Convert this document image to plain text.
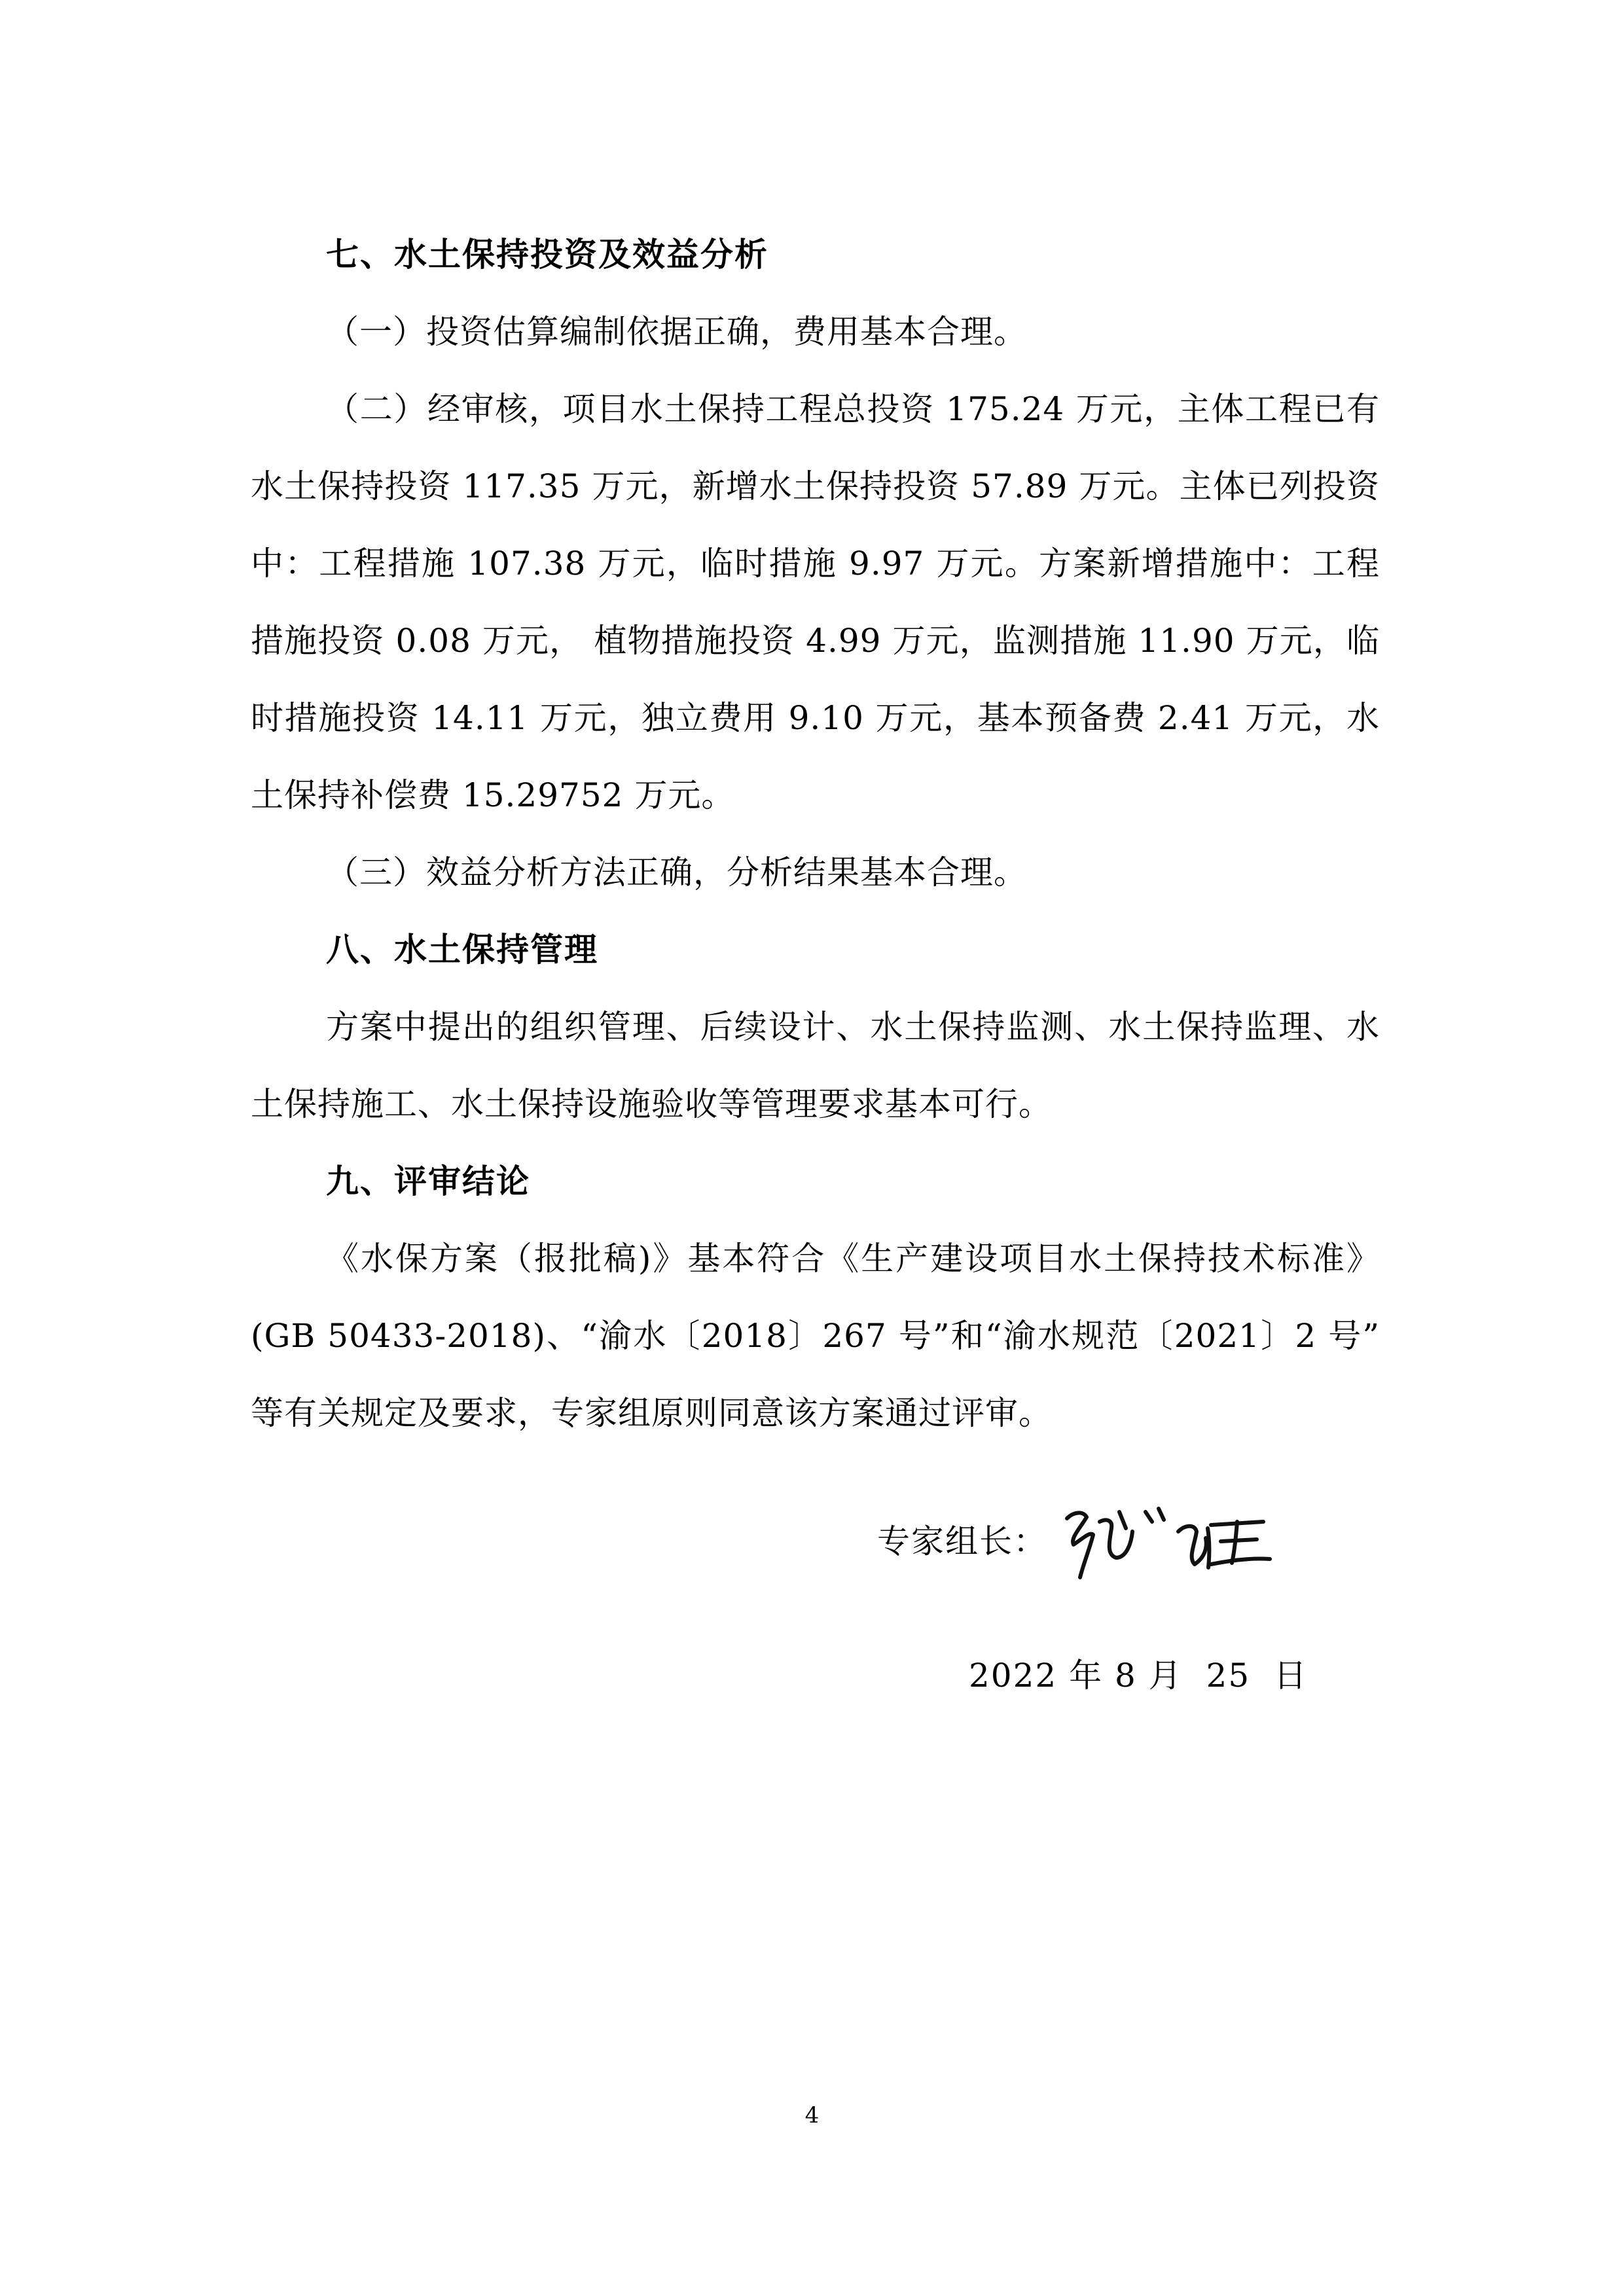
七、水土保持投资及效益分析

（一）投资估算编制依据正确，费用基本合理。

（二）经审核，项目水土保持工程总投资 175.24 万元，主体工程已有水土保持投资 117.35 万元，新增水土保持投资 57.89 万元。主体已列投资中：工程措施 107.38 万元，临时措施 9.97 万元。方案新增措施中：工程措施投资 0.08 万元， 植物措施投资 4.99 万元，监测措施 11.90 万元，临时措施投资 14.11 万元，独立费用 9.10 万元，基本预备费 2.41 万元，水土保持补偿费 15.29752 万元。

（三）效益分析方法正确，分析结果基本合理。

八、水土保持管理

方案中提出的组织管理、后续设计、水土保持监测、水土保持监理、水土保持施工、水土保持设施验收等管理要求基本可行。

九、评审结论

《水保方案（报批稿)》基本符合《生产建设项目水土保持技术标准》(GB 50433-2018)、“渝水〔2018〕267 号”和“渝水规范〔2021〕2 号” 等有关规定及要求，专家组原则同意该方案通过评审。

专家组长：
2022 年 8 月  25  日
4
